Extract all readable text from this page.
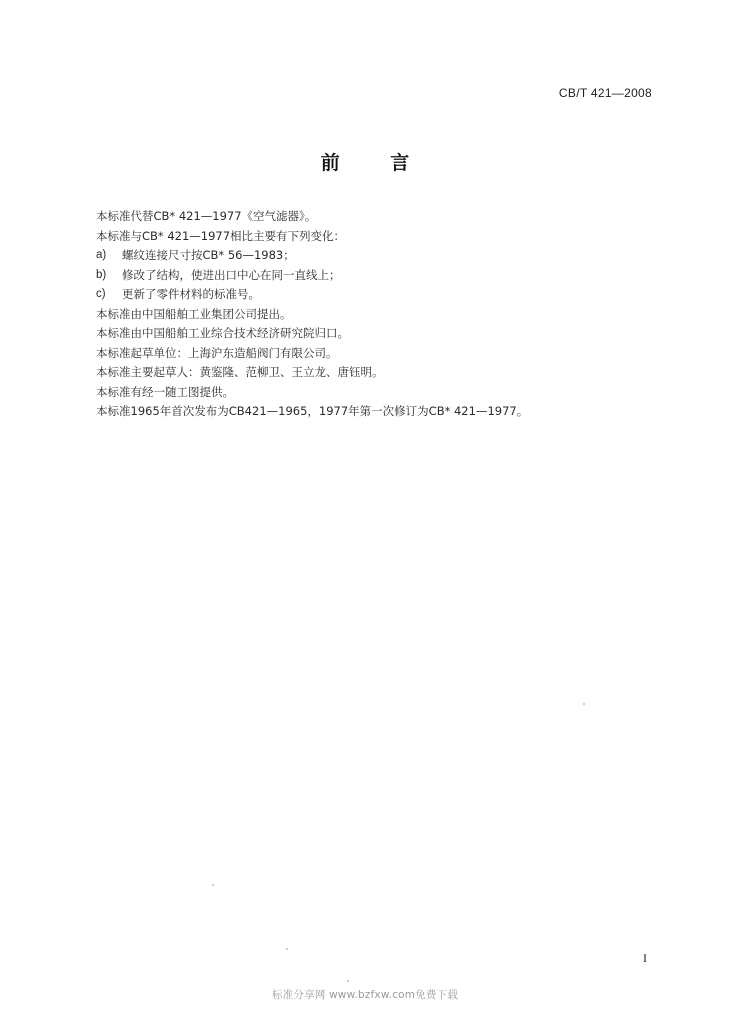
CB/T 421—2008
前 言
本标准代替CB* 421—1977《空气滤器》。
本标准与CB* 421—1977相比主要有下列变化：
a)	螺纹连接尺寸按CB* 56—1983；
b)	修改了结构，使进出口中心在同一直线上；
c)	更新了零件材料的标准号。
本标准由中国船舶工业集团公司提出。
本标准由中国船舶工业综合技术经济研究院归口。
本标准起草单位：上海沪东造船阀门有限公司。
本标准主要起草人：黄鉴隆、范柳卫、王立龙、唐钰明。
本标准有经一随工图提供。
本标准1965年首次发布为CB421—1965，1977年第一次修订为CB* 421—1977。
I
标准分享网 www.bzfxw.com免费下载
